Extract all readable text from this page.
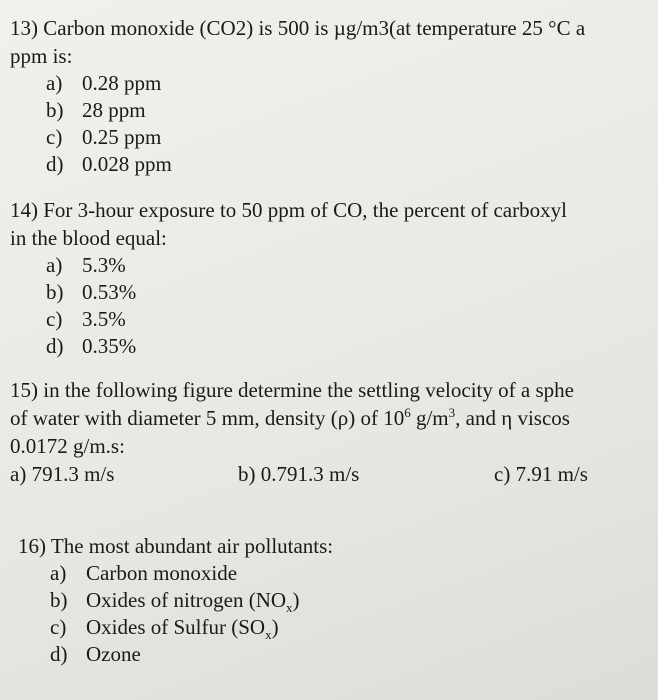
13) Carbon monoxide (CO2) is 500 is µg/m3(at temperature 25 °C a
ppm is:
a) 0.28 ppm
b) 28 ppm
c) 0.25 ppm
d) 0.028 ppm
14) For 3-hour exposure to 50 ppm of CO, the percent of carboxyl
in the blood equal:
a) 5.3%
b) 0.53%
c) 3.5%
d) 0.35%
15) in the following figure determine the settling velocity of a sphe
of water with diameter 5 mm, density (ρ) of $10^6$ $g/m^3$, and η viscos
0.0172 g/m.s:
a) 791.3 m/s	b) 0.791.3 m/s	c) 7.91 m/s
16) The most abundant air pollutants:
a) Carbon monoxide
b) Oxides of nitrogen $(NO_x)$
c) Oxides of Sulfur $(SO_x)$
d) Ozone
